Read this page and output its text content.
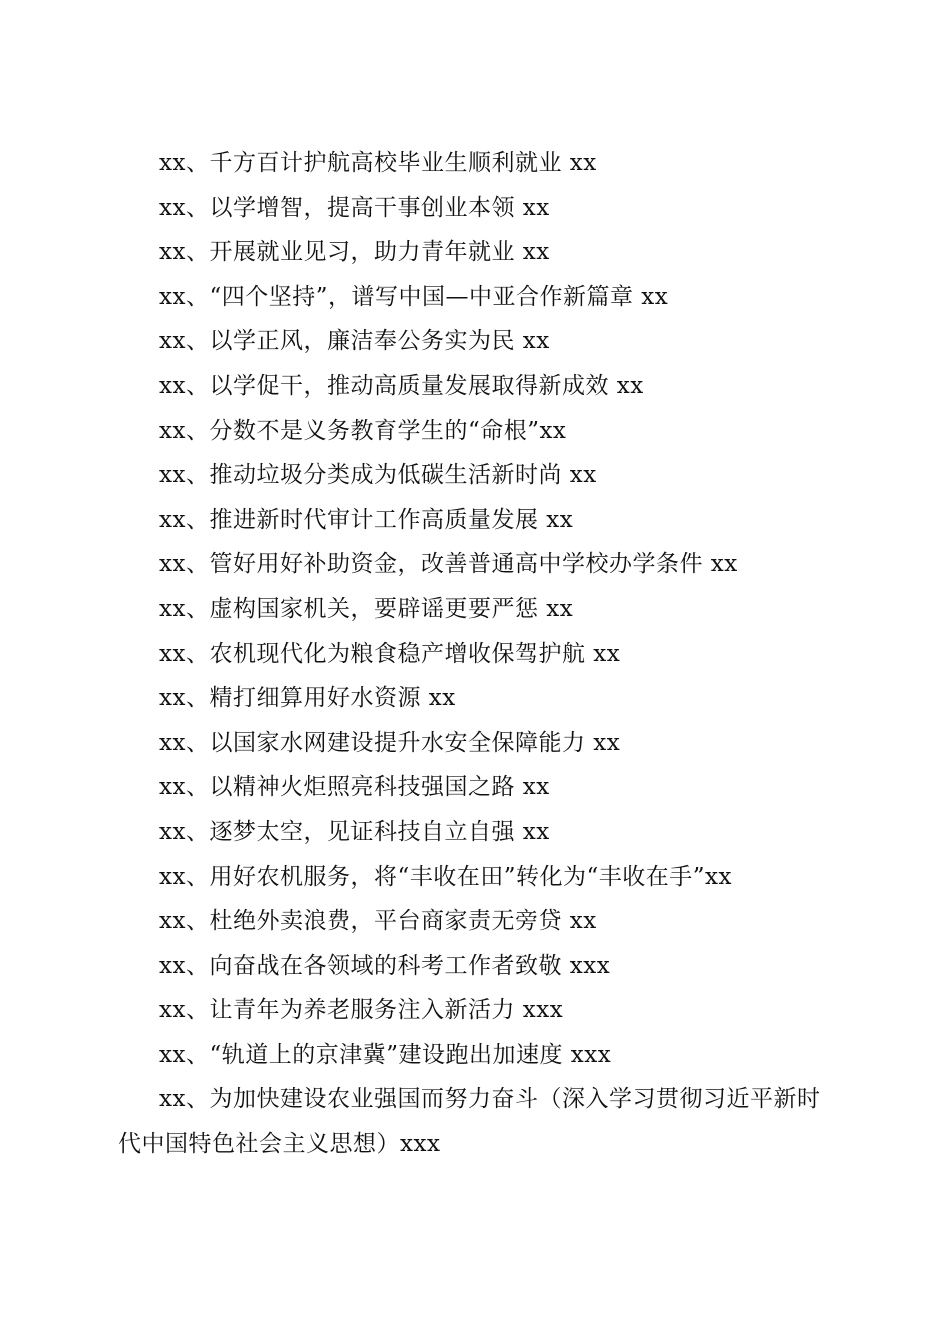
xx、千方百计护航高校毕业生顺利就业 xx
xx、以学增智，提高干事创业本领 xx
xx、开展就业见习，助力青年就业 xx
xx、“四个坚持”，谱写中国—中亚合作新篇章 xx
xx、以学正风，廉洁奉公务实为民 xx
xx、以学促干，推动高质量发展取得新成效 xx
xx、分数不是义务教育学生的“命根”xx
xx、推动垃圾分类成为低碳生活新时尚 xx
xx、推进新时代审计工作高质量发展 xx
xx、管好用好补助资金，改善普通高中学校办学条件 xx
xx、虚构国家机关，要辟谣更要严惩 xx
xx、农机现代化为粮食稳产增收保驾护航 xx
xx、精打细算用好水资源 xx
xx、以国家水网建设提升水安全保障能力 xx
xx、以精神火炬照亮科技强国之路 xx
xx、逐梦太空，见证科技自立自强 xx
xx、用好农机服务，将“丰收在田”转化为“丰收在手”xx
xx、杜绝外卖浪费，平台商家责无旁贷 xx
xx、向奋战在各领域的科考工作者致敬 xxx
xx、让青年为养老服务注入新活力 xxx
xx、“轨道上的京津冀”建设跑出加速度 xxx
xx、为加快建设农业强国而努力奋斗（深入学习贯彻习近平新时代中国特色社会主义思想）xxx
